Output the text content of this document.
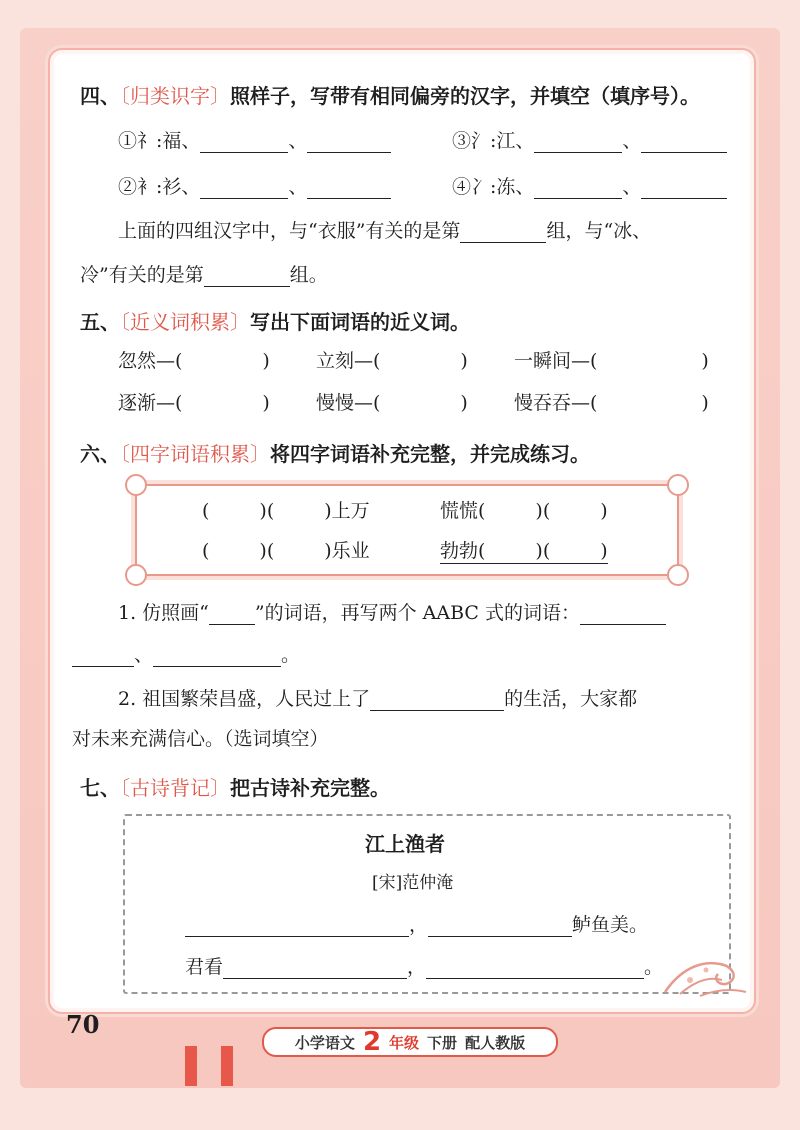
四、〔归类识字〕照样子，写带有相同偏旁的汉字，并填空（填序号）。
①礻:福、	、	③氵:江、	、
②衤:衫、	、	④冫:冻、	、
上面的四组汉字中，与“衣服”有关的是第	组，与“冰、
冷”有关的是第	组。
五、〔近义词积累〕写出下面词语的近义词。
忽然—(	) 立刻—(	) 一瞬间—(	)
逐渐—(	) 慢慢—(	) 慢吞吞—(	)
六、〔四字词语积累〕将四字词语补充完整，并完成练习。
(	)(	)上万	慌慌(	)(	)
(	)(	)乐业	勃勃(	)(	)
1. 仿照画“ ”的词语，再写两个 AABC 式的词语：
、	。
2. 祖国繁荣昌盛，人民过上了	的生活，大家都
对未来充满信心。（选词填空）
七、〔古诗背记〕把古诗补充完整。
江上渔者
[宋]范仲淹
，	鲈鱼美。
君看	，	。
70
小学语文 2 年级 下册 配人教版
